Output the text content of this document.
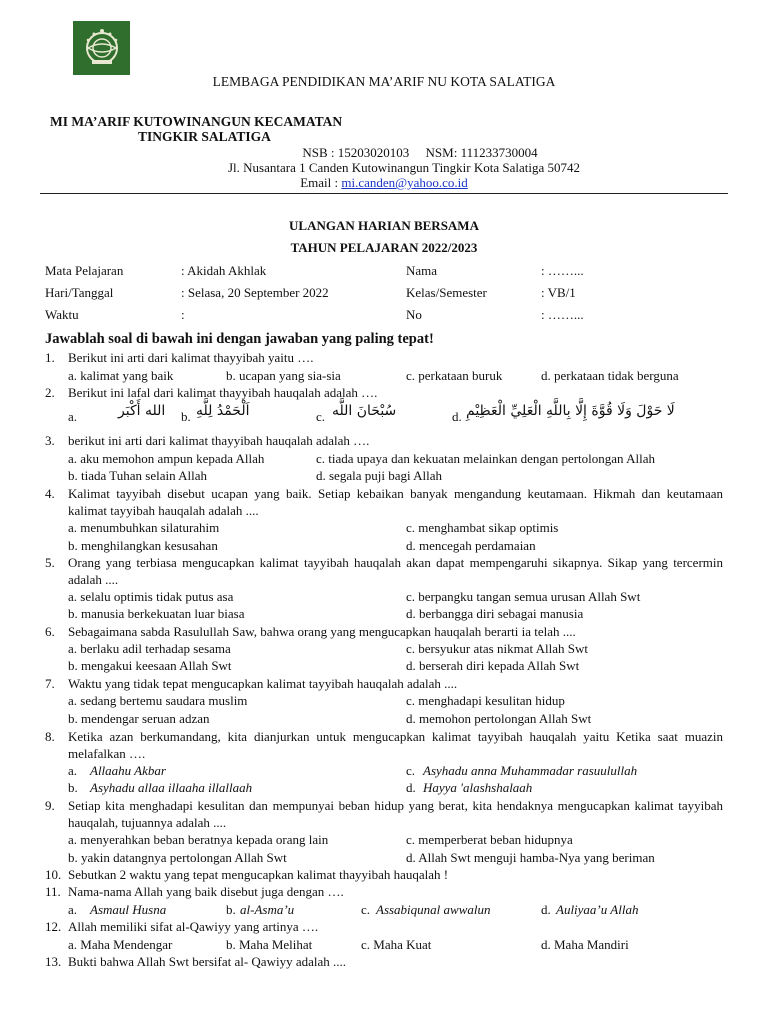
LEMBAGA PENDIDIKAN MA’ARIF NU KOTA SALATIGA
MI MA’ARIF KUTOWINANGUN KECAMATAN
TINGKIR SALATIGA
NSB : 15203020103     NSM: 111233730004
Jl. Nusantara 1 Canden Kutowinangun Tingkir Kota Salatiga 50742
Email : mi.canden@yahoo.co.id
ULANGAN HARIAN BERSAMA
TAHUN PELAJARAN 2022/2023
Mata Pelajaran	: Akidah Akhlak	Nama	: ……...
Hari/Tanggal	: Selasa, 20 September 2022	Kelas/Semester	: VB/1
Waktu	:	No	: ……...
Jawablah soal di bawah ini dengan jawaban yang paling tepat!
1.	Berikut ini arti dari kalimat thayyibah yaitu ….
a. kalimat yang baik	b. ucapan yang sia-sia	c. perkataan buruk	d. perkataan tidak berguna
2.	Berikut ini lafal dari kalimat thayyibah hauqalah adalah ….
a.	الله أَكْبَر b. اَلْحَمْدُ لِلَّهِ	c. سُبْحَانَ اللَّه	d. لَا حَوْلَ وَلَا قُوَّةَ إِلَّا بِاللَّهِ الْعَلِيِّ الْعَظِيْمِ
3.	berikut ini arti dari kalimat thayyibah hauqalah adalah ….
a. aku memohon ampun kepada Allah	c. tiada upaya dan kekuatan melainkan dengan pertolongan Allah
b. tiada Tuhan selain Allah	d. segala puji bagi Allah
4.	Kalimat tayyibah disebut ucapan yang baik. Setiap kebaikan banyak mengandung keutamaan. Hikmah dan keutamaan kalimat tayyibah hauqalah adalah ....
a. menumbuhkan silaturahim	c. menghambat sikap optimis
b. menghilangkan kesusahan	d. mencegah perdamaian
5.	Orang yang terbiasa mengucapkan kalimat tayyibah hauqalah akan dapat mempengaruhi sikapnya. Sikap yang tercermin adalah ....
a. selalu optimis tidak putus asa	c. berpangku tangan semua urusan Allah Swt
b. manusia berkekuatan luar biasa	d. berbangga diri sebagai manusia
6.	Sebagaimana sabda Rasulullah Saw, bahwa orang yang mengucapkan hauqalah berarti ia telah ....
a. berlaku adil terhadap sesama	c. bersyukur atas nikmat Allah Swt
b. mengakui keesaan Allah Swt	d. berserah diri kepada Allah Swt
7.	Waktu yang tidak tepat mengucapkan kalimat tayyibah hauqalah adalah ....
a. sedang bertemu saudara muslim	c. menghadapi kesulitan hidup
b. mendengar seruan adzan	d. memohon pertolongan Allah Swt
8.	Ketika azan berkumandang, kita dianjurkan untuk mengucapkan kalimat tayyibah hauqalah yaitu Ketika saat muazin melafalkan ….
a. Allaahu Akbar	c. Asyhadu anna Muhammadar rasuulullah
b. Asyhadu allaa illaaha illallaah	d. Hayya 'alashshalaah
9.	Setiap kita menghadapi kesulitan dan mempunyai beban hidup yang berat, kita hendaknya mengucapkan kalimat tayyibah hauqalah, tujuannya adalah ....
a. menyerahkan beban beratnya kepada orang lain	c. memperberat beban hidupnya
b. yakin datangnya pertolongan Allah Swt	d. Allah Swt menguji hamba-Nya yang beriman
10. Sebutkan 2 waktu yang tepat mengucapkan kalimat thayyibah hauqalah !
11. Nama-nama Allah yang baik disebut juga dengan ….
a. Asmaul Husna	b. al-Asma’u	c. Assabiqunal awwalun	d. Auliyaa’u Allah
12. Allah memiliki sifat al-Qawiyy yang artinya ….
a. Maha Mendengar	b. Maha Melihat	c. Maha Kuat	d. Maha Mandiri
13. Bukti bahwa Allah Swt bersifat al- Qawiyy adalah ....
